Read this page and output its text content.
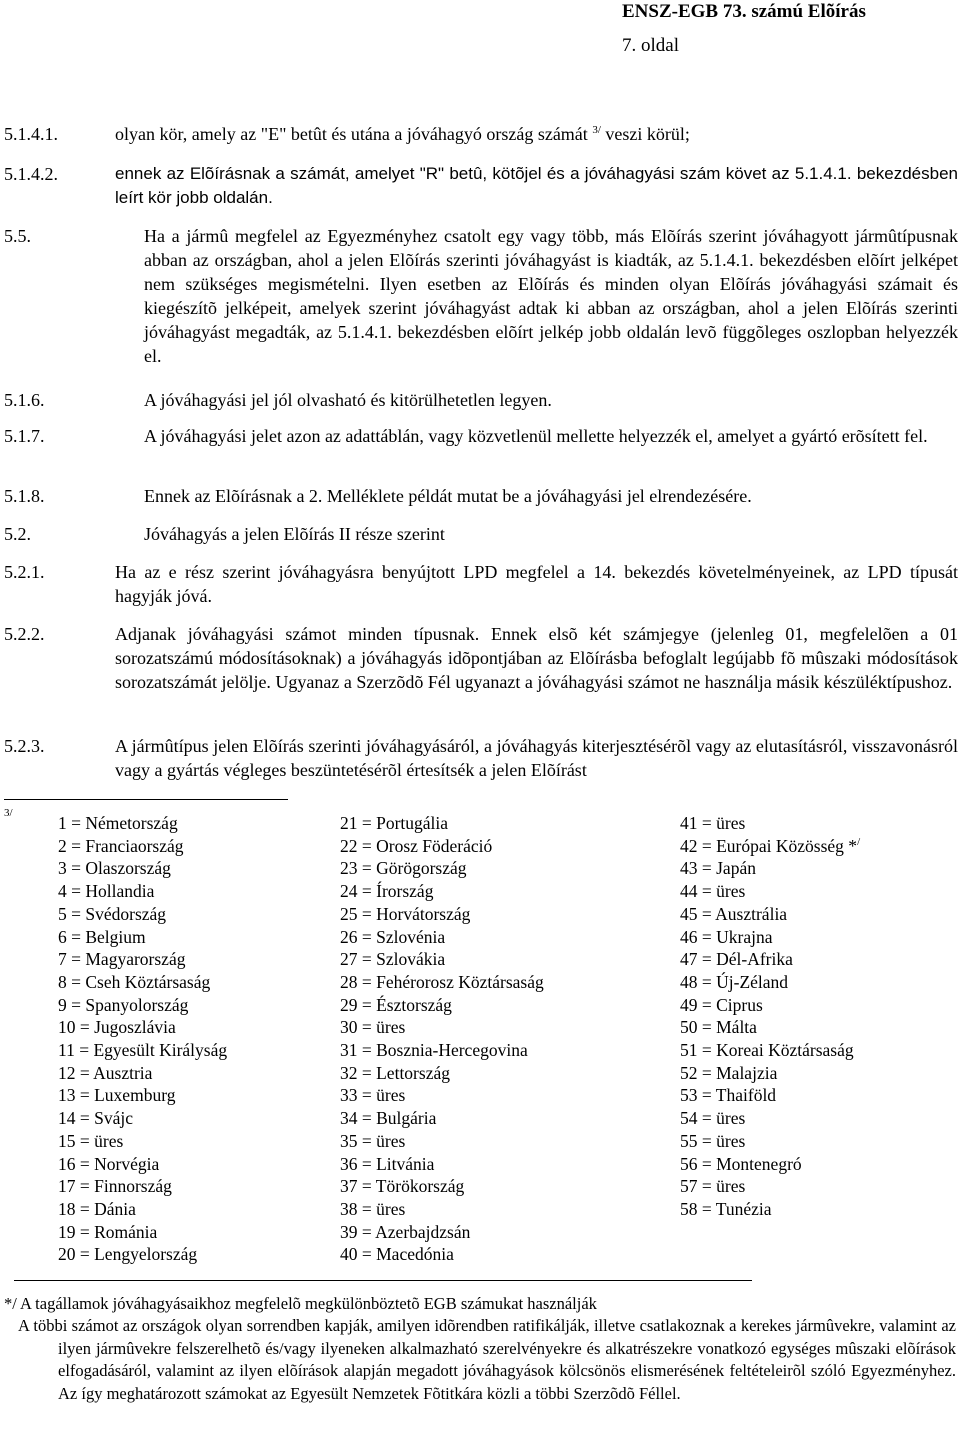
ENSZ-EGB 73. számú Elõírás
7. oldal
5.1.4.1.	olyan kör, amely az "E" betût és utána a jóváhagyó ország számát $^{3/}$ veszi körül;
5.1.4.2.	ennek az Elõírásnak a számát, amelyet "R" betû, kötõjel és a jóváhagyási szám követ az 5.1.4.1. bekezdésben leírt kör jobb oldalán.
5.5.	Ha a jármû megfelel az Egyezményhez csatolt egy vagy több, más Elõírás szerint jóváhagyott jármûtípusnak abban az országban, ahol a jelen Elõírás szerinti jóváhagyást is kiadták, az 5.1.4.1. bekezdésben elõírt jelképet nem szükséges megismételni. Ilyen esetben az Elõírás és minden olyan Elõírás jóváhagyási számait és kiegészítõ jelképeit, amelyek szerint jóváhagyást adtak ki abban az országban, ahol a jelen Elõírás szerinti jóváhagyást megadták, az 5.1.4.1. bekezdésben elõírt jelkép jobb oldalán levõ függõleges oszlopban helyezzék el.
5.1.6.	A jóváhagyási jel jól olvasható és kitörülhetetlen legyen.
5.1.7.	A jóváhagyási jelet azon az adattáblán, vagy közvetlenül mellette helyezzék el, amelyet a gyártó erõsített fel.
5.1.8.	Ennek az Elõírásnak a 2. Melléklete példát mutat be a jóváhagyási jel elrendezésére.
5.2.	Jóváhagyás a jelen Elõírás II része szerint
5.2.1.	Ha az e rész szerint jóváhagyásra benyújtott LPD megfelel a 14. bekezdés követelményeinek, az LPD típusát hagyják jóvá.
5.2.2.	Adjanak jóváhagyási számot minden típusnak. Ennek elsõ két számjegye (jelenleg 01, megfelelõen a 01 sorozatszámú módosításoknak) a jóváhagyás idõpontjában az Elõírásba befoglalt legújabb fõ mûszaki módosítások sorozatszámát jelölje. Ugyanaz a Szerzõdõ Fél ugyanazt a jóváhagyási számot ne használja másik készüléktípushoz.
5.2.3.	A jármûtípus jelen Elõírás szerinti jóváhagyásáról, a jóváhagyás kiterjesztésérõl vagy az elutasításról, visszavonásról vagy a gyártás végleges beszüntetésérõl értesítsék a jelen Elõírást
3/	1 = Németország
2 = Franciaország
3 = Olaszország
4 = Hollandia
5 = Svédország
6 = Belgium
7 = Magyarország
8 = Cseh Köztársaság
9 = Spanyolország
10 = Jugoszlávia
11 = Egyesült Királyság
12 = Ausztria
13 = Luxemburg
14 = Svájc
15 = üres
16 = Norvégia
17 = Finnország
18 = Dánia
19 = Románia
20 = Lengyelország
21 = Portugália
22 = Orosz Föderáció
23 = Görögország
24 = Írország
25 = Horvátország
26 = Szlovénia
27 = Szlovákia
28 = Fehérorosz Köztársaság
29 = Észtország
30 = üres
31 = Bosznia-Hercegovina
32 = Lettország
33 = üres
34 = Bulgária
35 = üres
36 = Litvánia
37 = Törökország
38 = üres
39 = Azerbajdzsán
40 = Macedónia
41 = üres
42 = Európai Közösség */
43 = Japán
44 = üres
45 = Ausztrália
46 = Ukrajna
47 = Dél-Afrika
48 = Új-Zéland
49 = Ciprus
50 = Málta
51 = Koreai Köztársaság
52 = Malajzia
53 = Thaiföld
54 = üres
55 = üres
56 = Montenegró
57 = üres
58 = Tunézia
*/ A tagállamok jóváhagyásaikhoz megfelelõ megkülönböztetõ EGB számukat használják
A többi számot az országok olyan sorrendben kapják, amilyen idõrendben ratifikálják, illetve csatlakoznak a kerekes jármûvekre, valamint az ilyen jármûvekre felszerelhetõ és/vagy ilyeneken alkalmazható szerelvényekre és alkatrészekre vonatkozó egységes mûszaki elõírások elfogadásáról, valamint az ilyen elõírások alapján megadott jóváhagyások kölcsönös elismerésének feltételeirõl szóló Egyezményhez. Az így meghatározott számokat az Egyesült Nemzetek Fõtitkára közli a többi Szerzõdõ Féllel.
